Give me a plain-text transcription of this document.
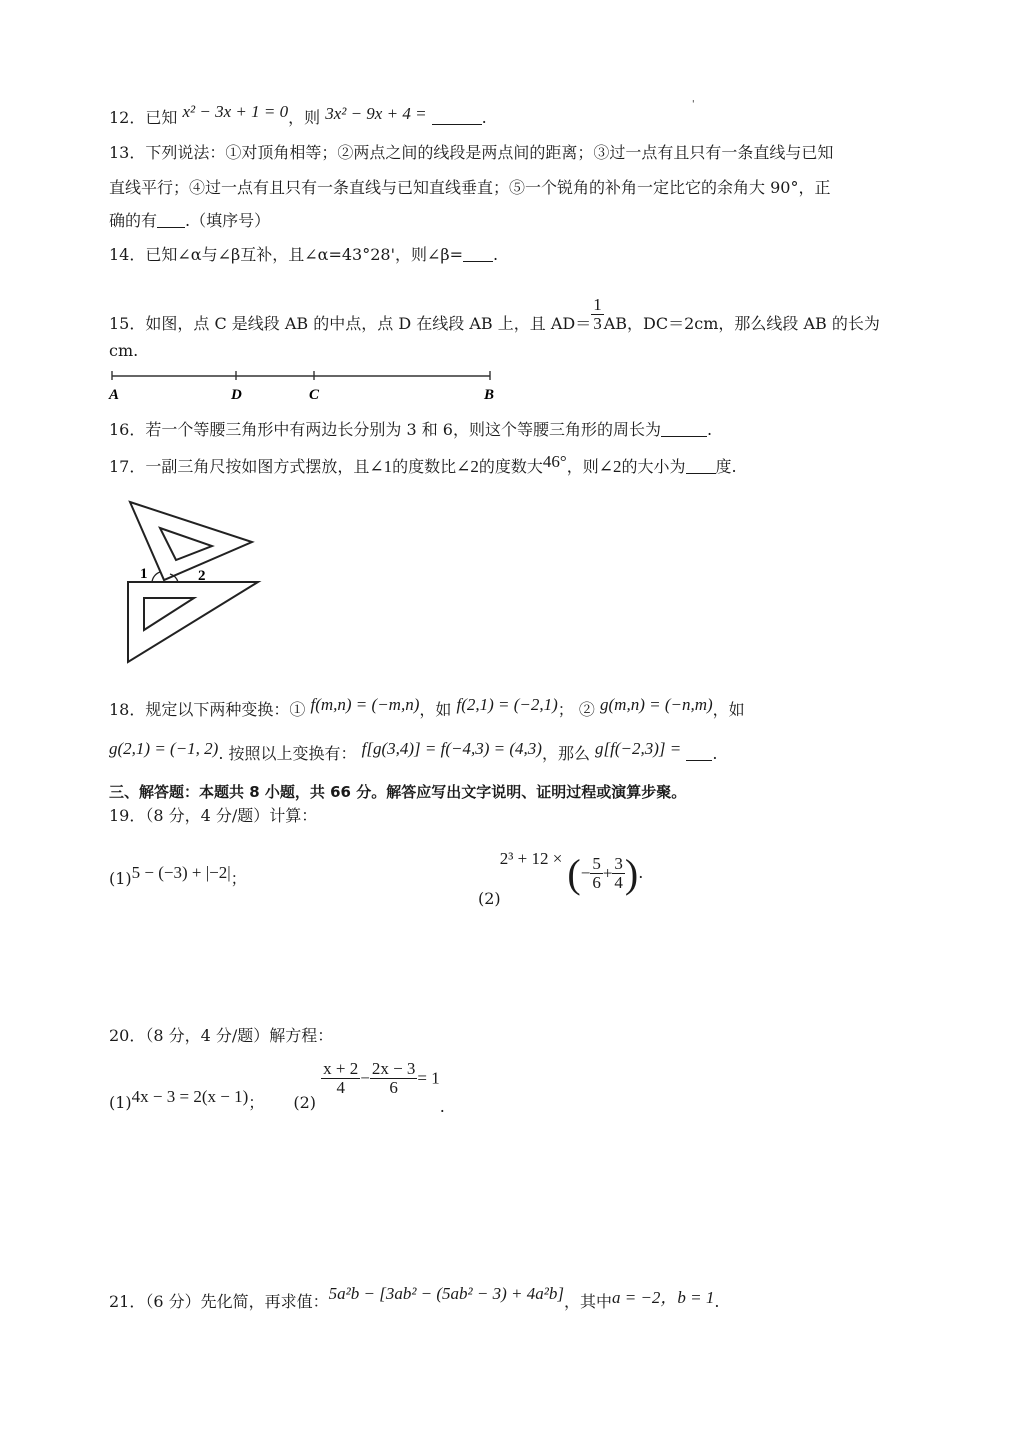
12．已知 x² − 3x + 1 = 0，则 3x² − 9x + 4 =	.
'
13．下列说法：①对顶角相等；②两点之间的线段是两点间的距离；③过一点有且只有一条直线与已知
直线平行；④过一点有且只有一条直线与已知直线垂直；⑤一个锐角的补角一定比它的余角大 90°，正
确的有 .（填序号）
14．已知∠α与∠β互补，且∠α=43°28'，则∠β= .
15．如图，点 C 是线段 AB 的中点，点 D 在线段 AB 上，且 $AD= \frac{1}{3}$ AB，DC＝2cm，那么线段 AB 的长为
cm.
A	D	C	B
16．若一个等腰三角形中有两边长分别为 3 和 6，则这个等腰三角形的周长为	.
17．一副三角尺按如图方式摆放，且∠1的度数比∠2的度数大46°，则∠2的大小为 度.
1	2
18．规定以下两种变换：① f(m,n) = (−m,n)，如 f(2,1) = (−2,1)； ② g(m,n) = (−n,m)，如
g(2,1) = (−1, 2). 按照以上变换有： f[g(3,4)] = f(−4,3) = (4,3)，那么 g[f(−2,3)] = .
三、解答题：本题共 8 小题，共 66 分。解答应写出文字说明、证明过程或演算步聚。
19．（8 分，4 分/题）计算：
(1)5 − (−3) + |−2|；
(2) 2³ + 12 × (− $\frac{5}{6} + \frac{3}{4}$ ).
20．（8 分，4 分/题）解方程：
(1)4x − 3 = 2(x − 1)； (2)
$\frac{x + 2}{4} - \frac{2x - 3}{6} = 1$.
21．（6 分）先化简，再求值：5a²b − [3ab² − (5ab² − 3) + 4a²b]，其中a = −2，b = 1.
